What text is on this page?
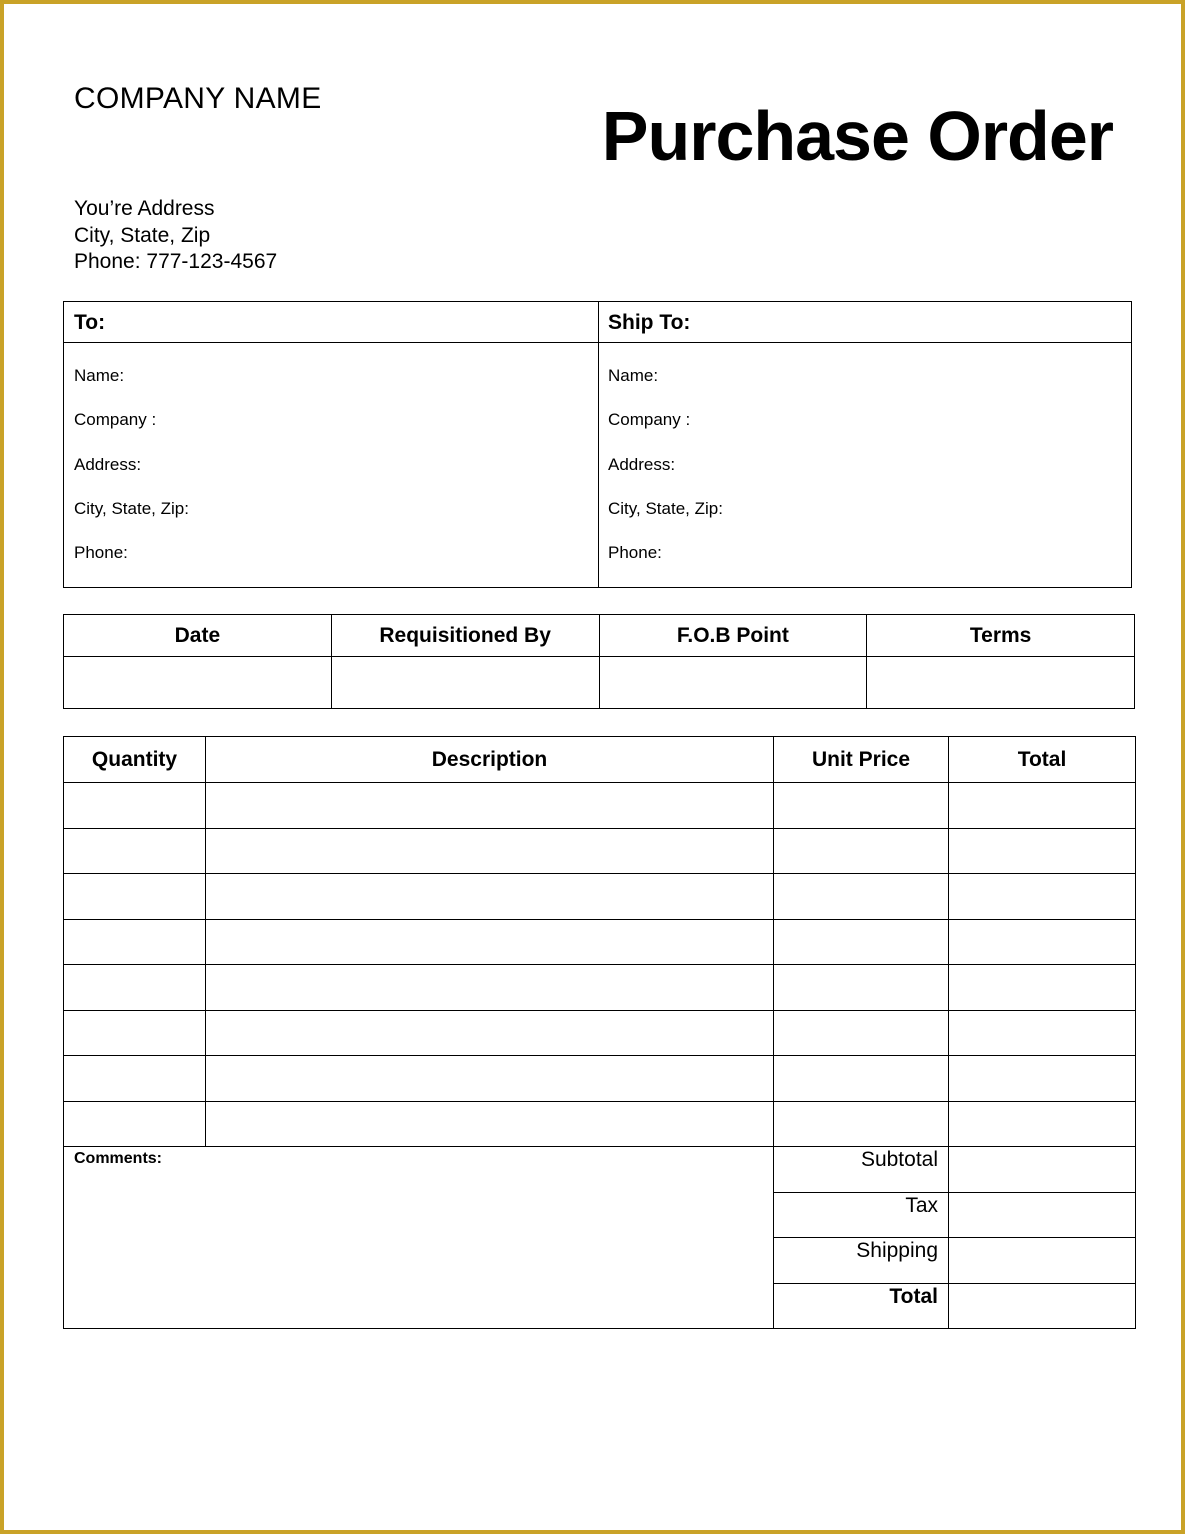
COMPANY NAME	Purchase Order
You’re Address
City, State, Zip
Phone: 777-123-4567
To:
Name:
Company :
Address:
City, State, Zip:
Phone:
Ship To:
Name:
Company :
Address:
City, State, Zip:
Phone:
Date	Requisitioned By	F.O.B Point	Terms

Quantity	Description	Unit Price	Total

Comments:		Subtotal	
		Tax	
		Shipping	
		Total	
